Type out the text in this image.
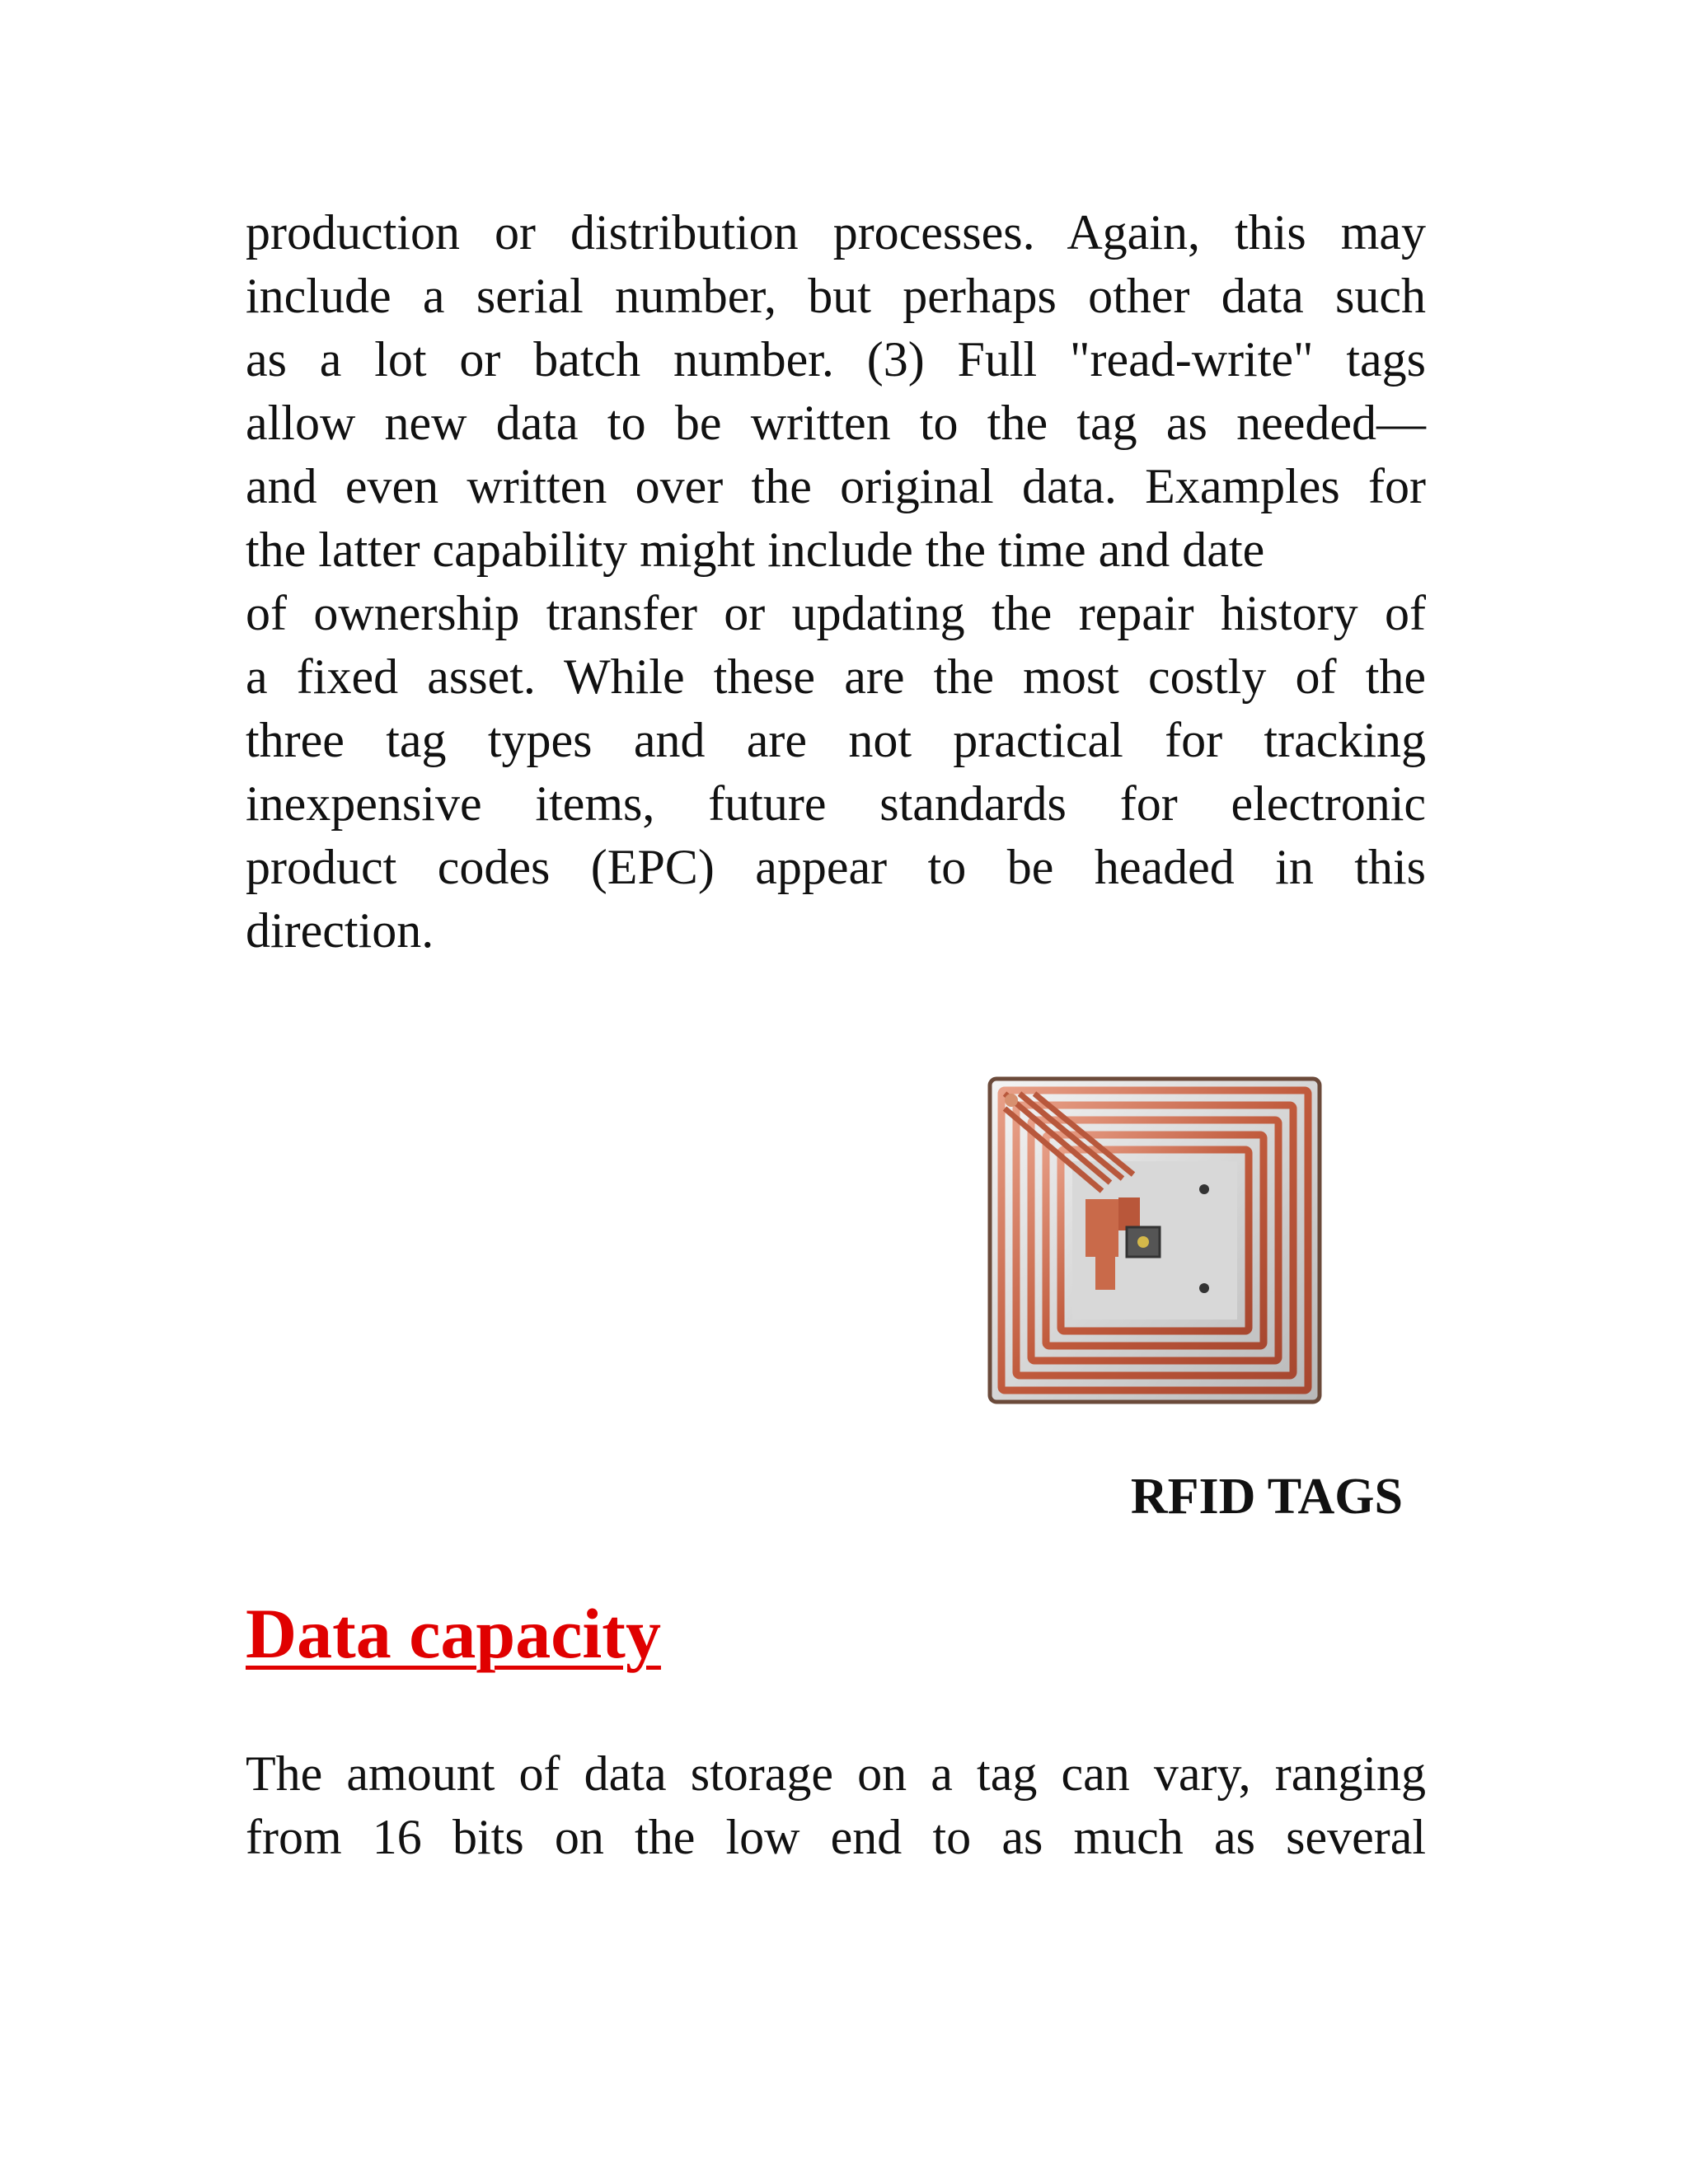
production or distribution processes. Again, this may
include a serial number, but perhaps other data such
as a lot or batch number. (3) Full "read-write" tags
allow new data to be written to the tag as needed—
and even written over the original data. Examples for
the latter capability might include the time and date
of ownership transfer or updating the repair history of
a fixed asset. While these are the most costly of the
three tag types and are not practical for tracking
inexpensive items, future standards for electronic
product codes (EPC) appear to be headed in this
direction.

RFID TAGS

Data capacity
The amount of data storage on a tag can vary, ranging
from 16 bits on the low end to as much as several
